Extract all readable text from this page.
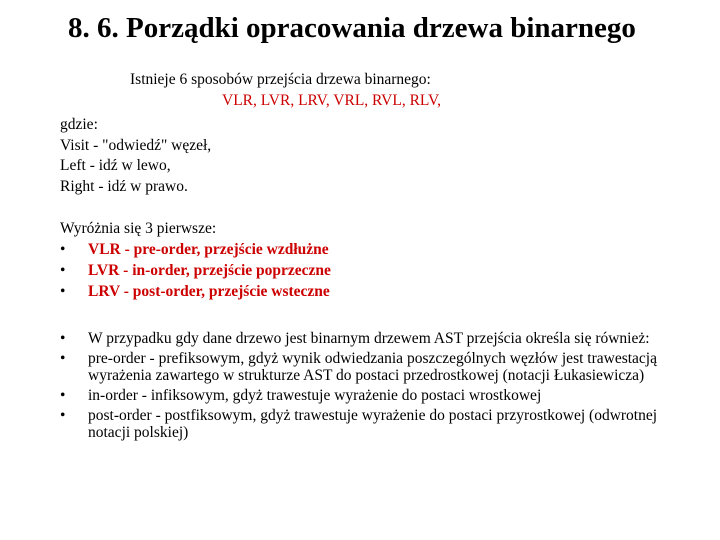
8. 6. Porządki opracowania drzewa binarnego
Istnieje 6 sposobów przejścia drzewa binarnego:
VLR, LVR, LRV, VRL, RVL, RLV,
gdzie:
Visit - "odwiedź" węzeł,
Left - idź w lewo,
Right - idź w prawo.
Wyróżnia się 3 pierwsze:
•	VLR - pre-order, przejście wzdłużne
•	LVR - in-order, przejście poprzeczne
•	LRV - post-order, przejście wsteczne
•	W przypadku gdy dane drzewo jest binarnym drzewem AST przejścia określa się również:
•	pre-order - prefiksowym, gdyż wynik odwiedzania poszczególnych węzłów jest trawestacją wyrażenia zawartego w strukturze AST do postaci przedrostkowej (notacji Łukasiewicza)
•	in-order - infiksowym, gdyż trawestuje wyrażenie do postaci wrostkowej
•	post-order - postfiksowym, gdyż trawestuje wyrażenie do postaci przyrostkowej (odwrotnej notacji polskiej)
